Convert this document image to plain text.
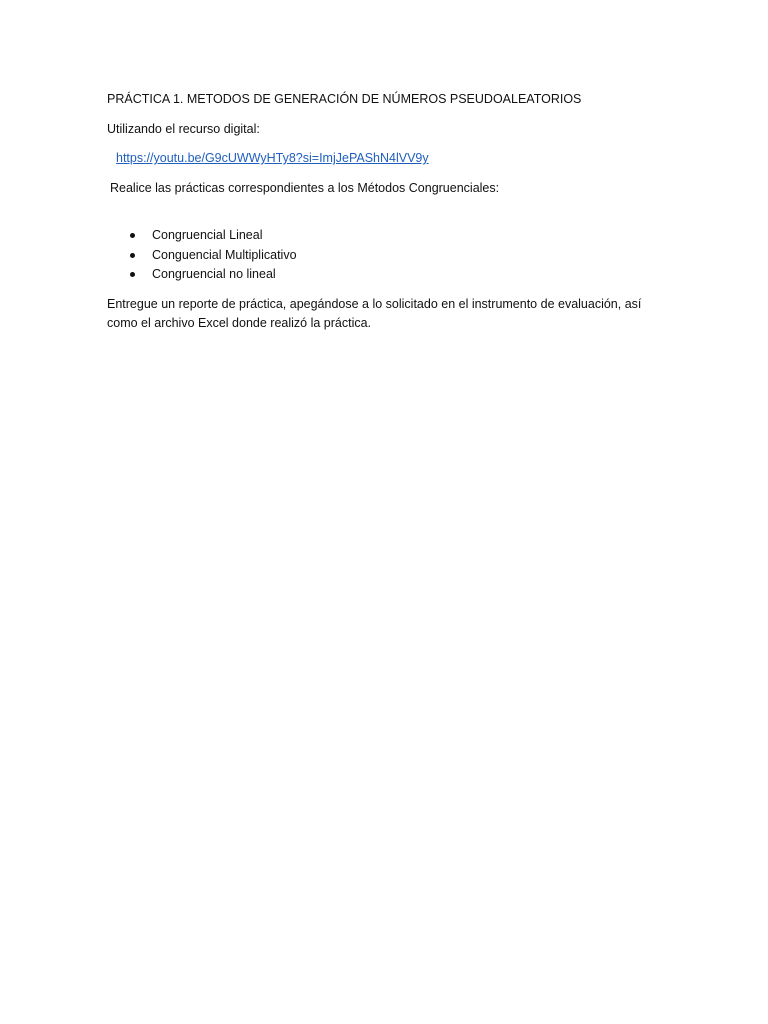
PRÁCTICA 1. METODOS DE GENERACIÓN DE NÚMEROS PSEUDOALEATORIOS

Utilizando el recurso digital:

https://youtu.be/G9cUWWyHTy8?si=ImjJePAShN4lVV9y

Realice las prácticas correspondientes a los Métodos Congruenciales:

Congruencial Lineal
Conguencial Multiplicativo
Congruencial no lineal

Entregue un reporte de práctica, apegándose a lo solicitado en el instrumento de evaluación, así
como el archivo Excel donde realizó la práctica.
